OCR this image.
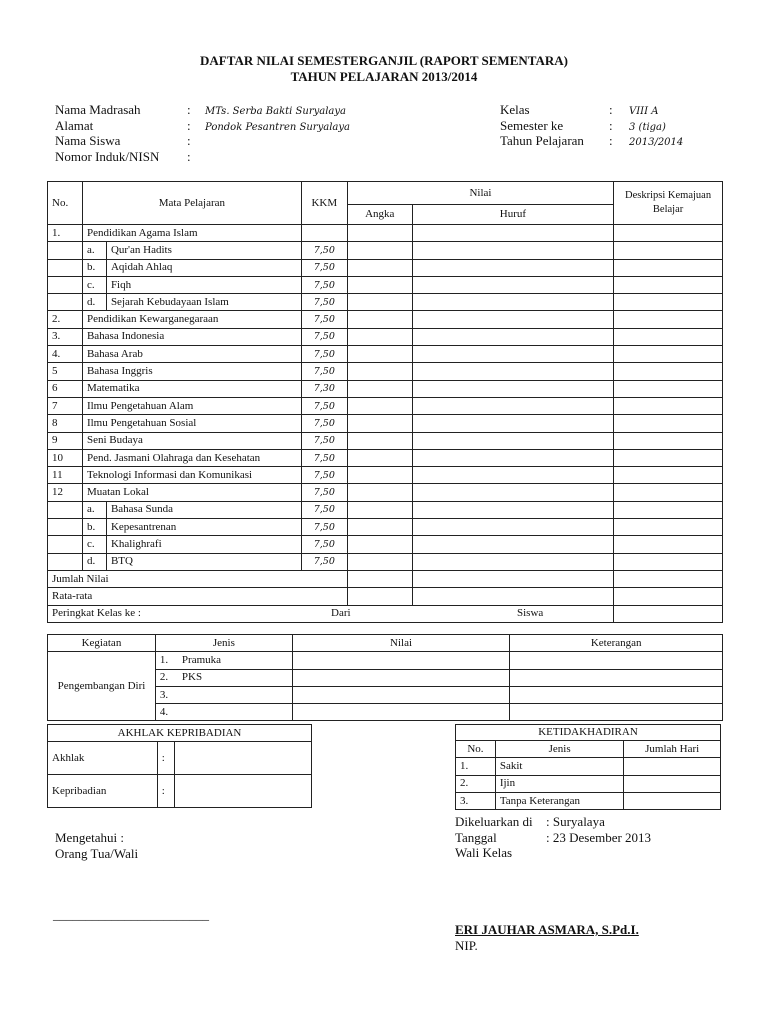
DAFTAR NILAI SEMESTERGANJIL (RAPORT SEMENTARA)
TAHUN PELAJARAN 2013/2014
Nama Madrasah	: MTs. Serba Bakti Suryalaya
Alamat	: Pondok Pesantren Suryalaya
Nama Siswa	:
Nomor Induk/NISN :
Kelas	: VIII A
Semester ke	: 3 (tiga)
Tahun Pelajaran : 2013/2014
No.	Mata Pelajaran		KKM	Nilai		Deskripsi Kemajuan Belajar
				Angka	Huruf	
1.	Pendidikan Agama Islam					
	a.	Qur'an Hadits	7,50			
	b.	Aqidah Ahlaq	7,50			
	c.	Fiqh	7,50			
	d.	Sejarah Kebudayaan Islam	7,50			
2.	Pendidikan Kewarganegaraan		7,50			
3.	Bahasa Indonesia		7,50			
4.	Bahasa Arab		7,50			
5	Bahasa Inggris		7,50			
6	Matematika		7,30			
7	Ilmu Pengetahuan Alam		7,50			
8	Ilmu Pengetahuan Sosial		7,50			
9	Seni Budaya		7,50			
10	Pend. Jasmani Olahraga dan Kesehatan		7,50			
11	Teknologi Informasi dan Komunikasi		7,50			
12	Muatan Lokal		7,50			
	a.	Bahasa Sunda	7,50			
	b.	Kepesantrenan	7,50			
	c.	Khalighrafi	7,50			
	d.	BTQ	7,50			
Jumlah Nilai						
Rata-rata						
Peringkat Kelas ke : Dari Siswa						

Kegiatan	Jenis	Nilai	Keterangan
Pengembangan Diri	1. Pramuka		
	2. PKS		
	3.		
	4.		
AKHLAK KEPRIBADIAN		
Akhlak	:	
Kepribadian	:	
KETIDAKHADIRAN		
No.	Jenis	Jumlah Hari
1.	Sakit	
2.	Ijin	
3.	Tanpa Keterangan	
Mengetahui :
Orang Tua/Wali
________________________
Dikeluarkan di : Suryalaya
Tanggal	: 23 Desember 2013
Wali Kelas
ERI JAUHAR ASMARA, S.Pd.I.
NIP.
